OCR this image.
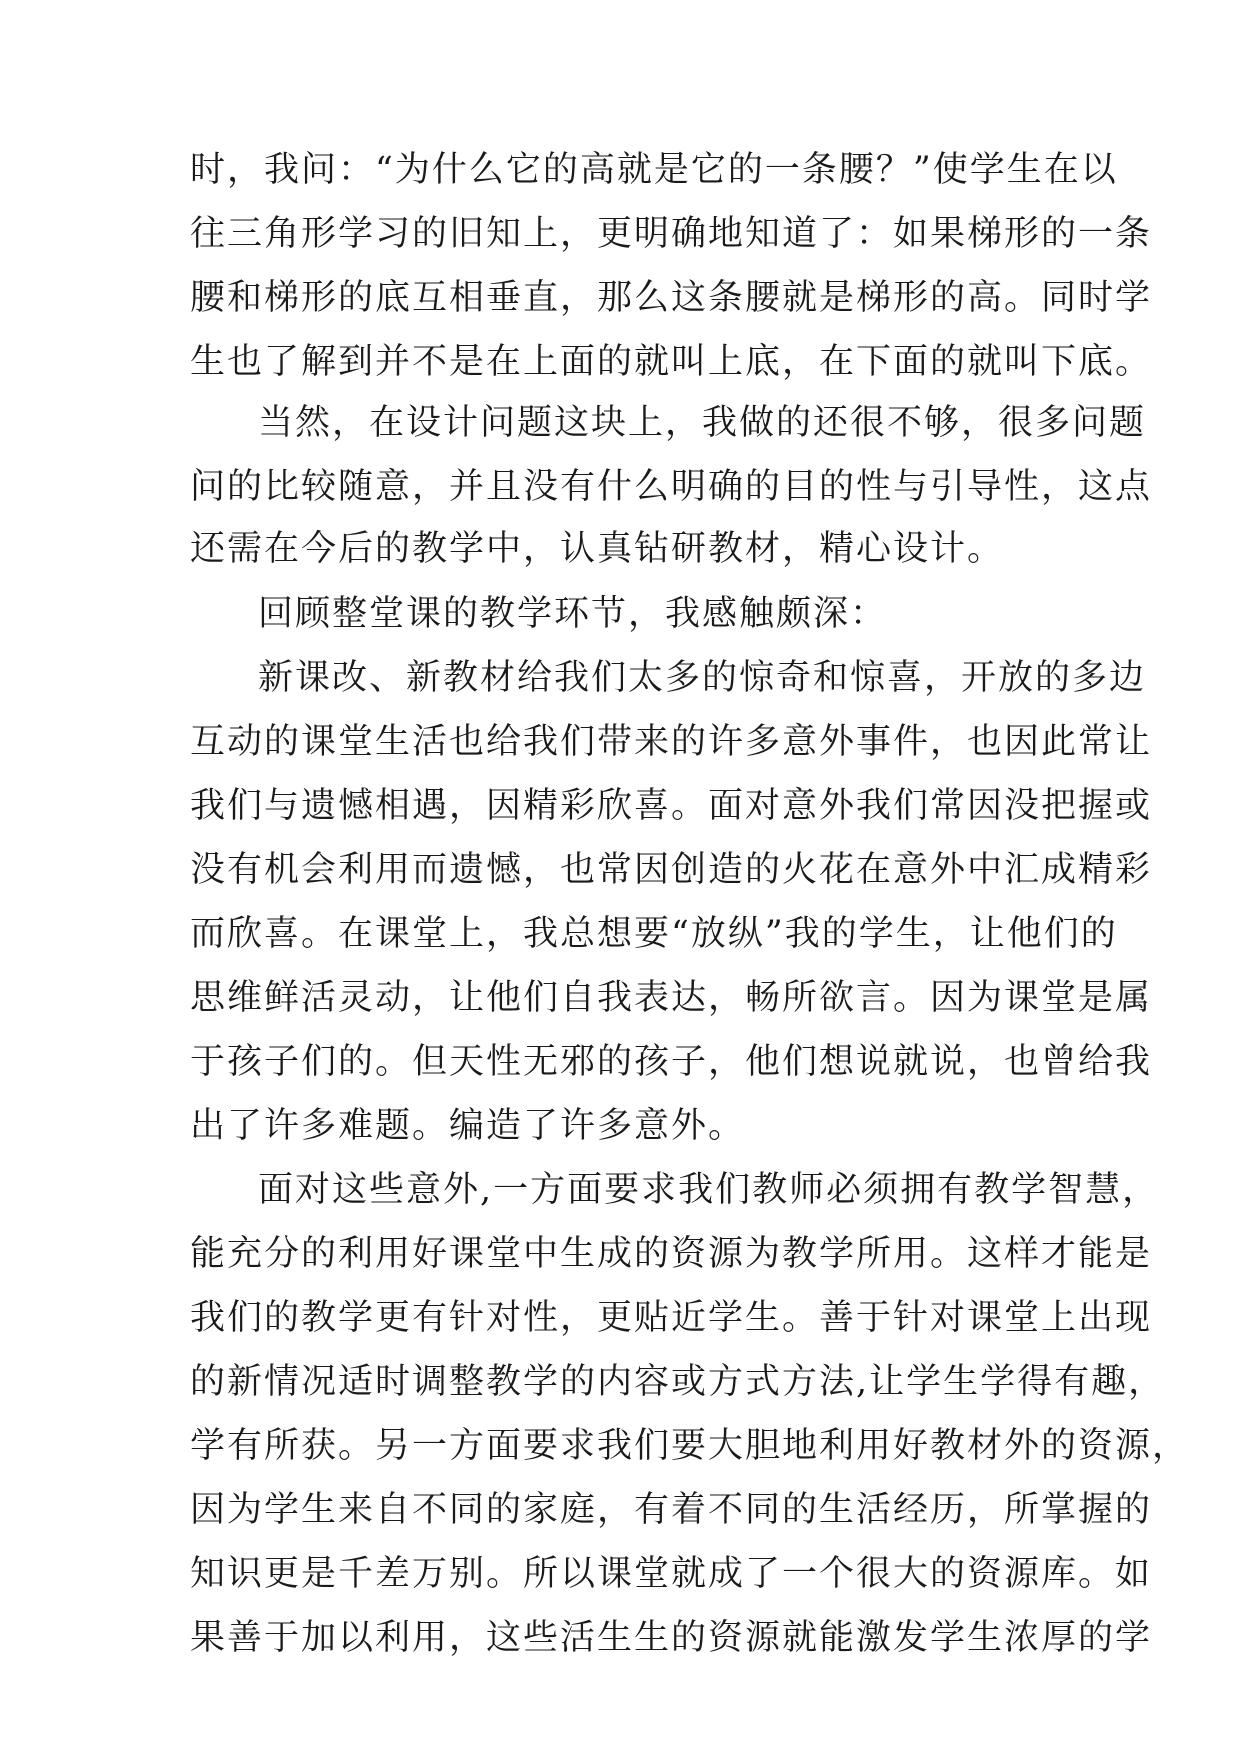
时，我问：“为什么它的高就是它的一条腰？”使学生在以
往三角形学习的旧知上，更明确地知道了：如果梯形的一条
腰和梯形的底互相垂直，那么这条腰就是梯形的高。同时学
生也了解到并不是在上面的就叫上底，在下面的就叫下底。
当然，在设计问题这块上，我做的还很不够，很多问题
问的比较随意，并且没有什么明确的目的性与引导性，这点
还需在今后的教学中，认真钻研教材，精心设计。
回顾整堂课的教学环节，我感触颇深：
新课改、新教材给我们太多的惊奇和惊喜，开放的多边
互动的课堂生活也给我们带来的许多意外事件，也因此常让
我们与遗憾相遇，因精彩欣喜。面对意外我们常因没把握或
没有机会利用而遗憾，也常因创造的火花在意外中汇成精彩
而欣喜。在课堂上，我总想要“放纵”我的学生，让他们的
思维鲜活灵动，让他们自我表达，畅所欲言。因为课堂是属
于孩子们的。但天性无邪的孩子，他们想说就说，也曾给我
出了许多难题。编造了许多意外。
面对这些意外,一方面要求我们教师必须拥有教学智慧，
能充分的利用好课堂中生成的资源为教学所用。这样才能是
我们的教学更有针对性，更贴近学生。善于针对课堂上出现
的新情况适时调整教学的内容或方式方法,让学生学得有趣，
学有所获。另一方面要求我们要大胆地利用好教材外的资源，
因为学生来自不同的家庭，有着不同的生活经历，所掌握的
知识更是千差万别。所以课堂就成了一个很大的资源库。如
果善于加以利用，这些活生生的资源就能激发学生浓厚的学
